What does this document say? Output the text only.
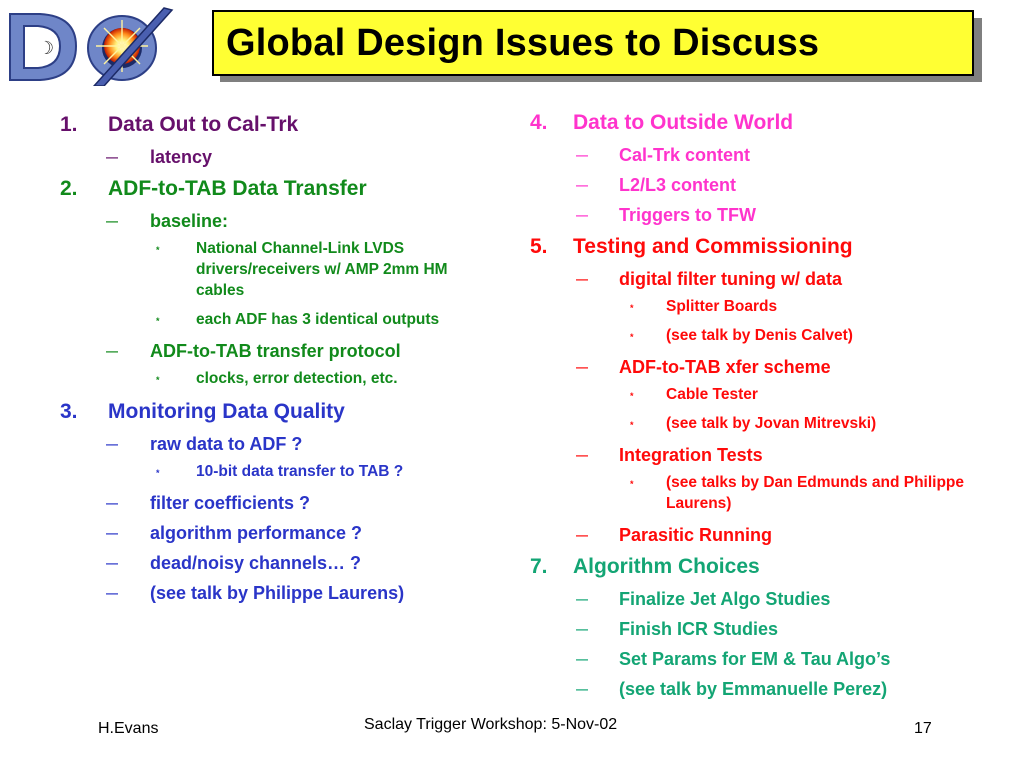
☽	Global Design Issues to Discuss
1. Data Out to Cal-Trk
— latency
2. ADF-to-TAB Data Transfer
— baseline:
* National Channel-Link LVDS drivers/receivers w/ AMP 2mm HM cables
* each ADF has 3 identical outputs
— ADF-to-TAB transfer protocol
* clocks, error detection, etc.
3. Monitoring Data Quality
— raw data to ADF ?
* 10-bit data transfer to TAB ?
— filter coefficients ?
— algorithm performance ?
— dead/noisy channels… ?
— (see talk by Philippe Laurens)
4. Data to Outside World
— Cal-Trk content
— L2/L3 content
— Triggers to TFW
5. Testing and Commissioning
— digital filter tuning w/ data
* Splitter Boards
* (see talk by Denis Calvet)
— ADF-to-TAB xfer scheme
* Cable Tester
* (see talk by Jovan Mitrevski)
— Integration Tests
* (see talks by Dan Edmunds and Philippe Laurens)
— Parasitic Running
7. Algorithm Choices
— Finalize Jet Algo Studies
— Finish ICR Studies
— Set Params for EM & Tau Algo’s
— (see talk by Emmanuelle Perez)
H.Evans	Saclay Trigger Workshop: 5-Nov-02	17
